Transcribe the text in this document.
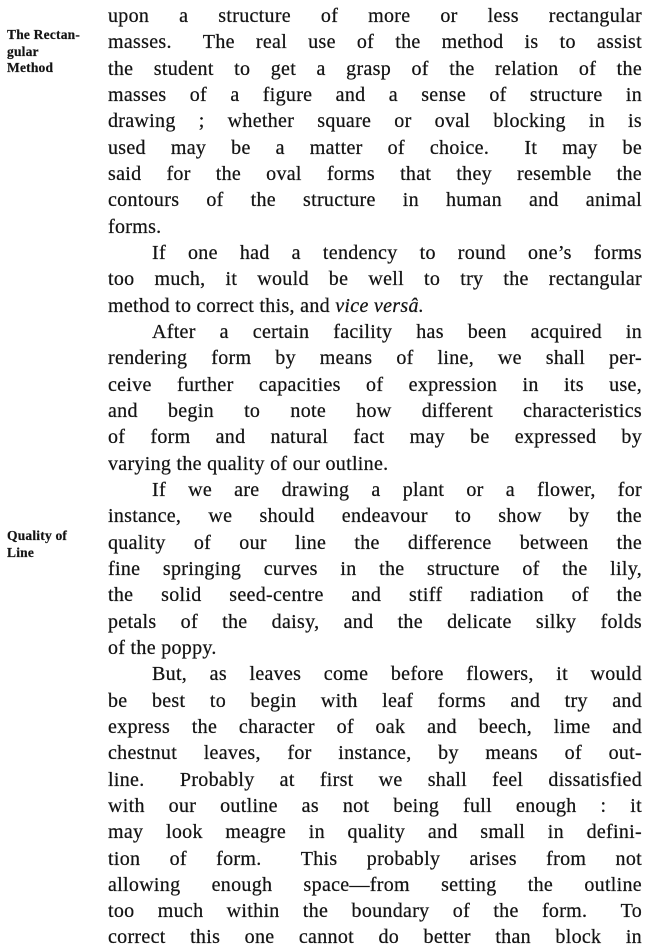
The Rectan-
gular
Method
Quality of
Line
upon a structure of more or less rectangular
masses.  The real use of the method is to assist
the student to get a grasp of the relation of the
masses of a figure and a sense of structure in
drawing ; whether square or oval blocking in is
used may be a matter of choice.  It may be
said for the oval forms that they resemble the
contours of the structure in human and animal
forms.
If one had a tendency to round one’s forms
too much, it would be well to try the rectangular
method to correct this, and vice versâ.
After a certain facility has been acquired in
rendering form by means of line, we shall per-
ceive further capacities of expression in its use,
and begin to note how different characteristics
of form and natural fact may be expressed by
varying the quality of our outline.
If we are drawing a plant or a flower, for
instance, we should endeavour to show by the
quality of our line the difference between the
fine springing curves in the structure of the lily,
the solid seed-centre and stiff radiation of the
petals of the daisy, and the delicate silky folds
of the poppy.
But, as leaves come before flowers, it would
be best to begin with leaf forms and try and
express the character of oak and beech, lime and
chestnut leaves, for instance, by means of out-
line.  Probably at first we shall feel dissatisfied
with our outline as not being full enough : it
may look meagre in quality and small in defini-
tion of form.  This probably arises from not
allowing enough space—from setting the outline
too much within the boundary of the form.  To
correct this one cannot do better than block in
